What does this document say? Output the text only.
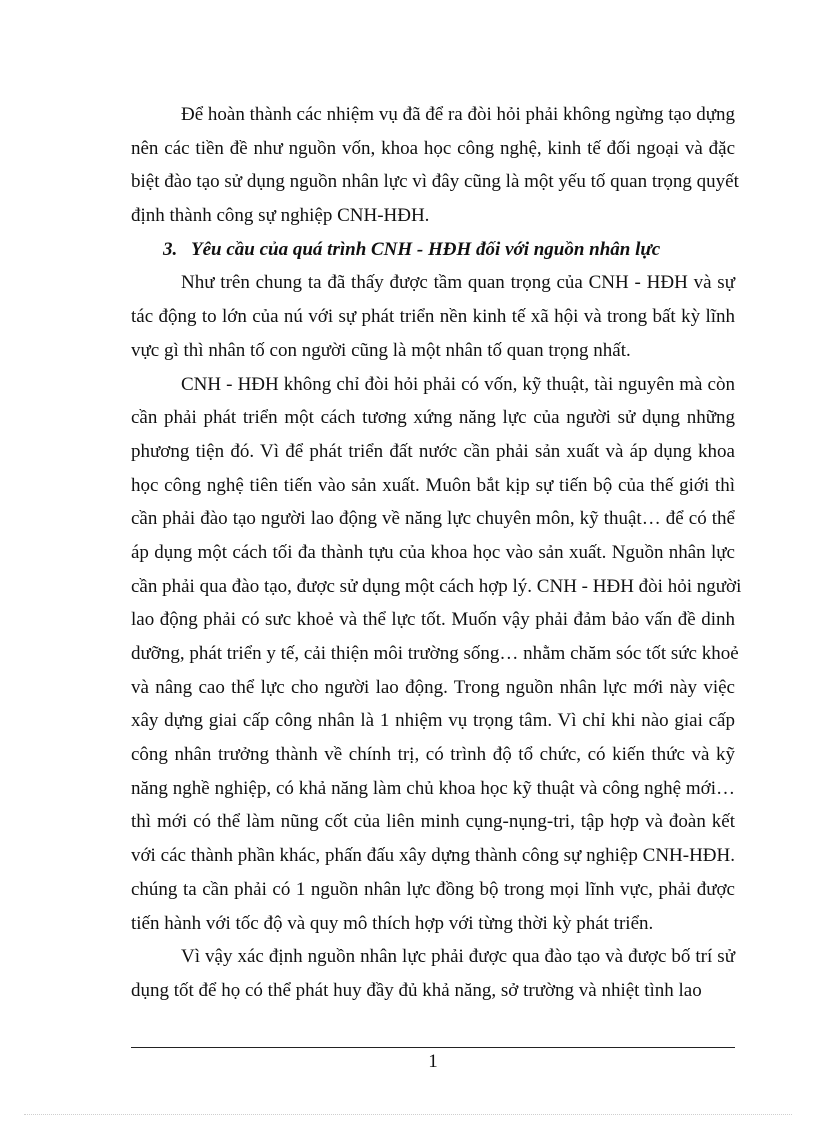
Để hoàn thành các nhiệm vụ đã để ra đòi hỏi phải không ngừng tạo dựng
nên các tiền đề như nguồn vốn, khoa học công nghệ, kinh tế đối ngoại và đặc
biệt đào tạo sử dụng nguồn nhân lực vì đây cũng là một yếu tố quan trọng quyết
định thành công sự nghiệp CNH-HĐH.
3. Yêu cầu của quá trình CNH - HĐH đối với nguồn nhân lực
Như trên chung ta đã thấy được tầm quan trọng của CNH - HĐH và sự
tác động to lớn của nú với sự phát triển nền kinh tế xã hội và trong bất kỳ lĩnh
vực gì thì nhân tố con người cũng là một nhân tố quan trọng nhất.
CNH - HĐH không chỉ đòi hỏi phải có vốn, kỹ thuật, tài nguyên mà còn
cần phải phát triển một cách tương xứng năng lực của người sử dụng những
phương tiện đó. Vì để phát triển đất nước cần phải sản xuất và áp dụng khoa
học công nghệ tiên tiến vào sản xuất. Muôn bắt kịp sự tiến bộ của thế giới thì
cần phải đào tạo người lao động về năng lực chuyên môn, kỹ thuật… để có thể
áp dụng một cách tối đa thành tựu của khoa học vào sản xuất. Nguồn nhân lực
cần phải qua đào tạo, được sử dụng một cách hợp lý. CNH - HĐH đòi hỏi người
lao động phải có sưc khoẻ và thể lực tốt. Muốn vậy phải đảm bảo vấn đề dinh
dưỡng, phát triển y tế, cải thiện môi trường sống… nhằm chăm sóc tốt sức khoẻ
và nâng cao thể lực cho người lao động. Trong nguồn nhân lực mới này việc
xây dựng giai cấp công nhân là 1 nhiệm vụ trọng tâm. Vì chỉ khi nào giai cấp
công nhân trưởng thành về chính trị, có trình độ tổ chức, có kiến thức và kỹ
năng nghề nghiệp, có khả năng làm chủ khoa học kỹ thuật và công nghệ mới…
thì mới có thể làm nũng cốt của liên minh cụng-nụng-tri, tập hợp và đoàn kết
với các thành phần khác, phấn đấu xây dựng thành công sự nghiệp CNH-HĐH.
chúng ta cần phải có 1 nguồn nhân lực đồng bộ trong mọi lĩnh vực, phải được
tiến hành với tốc độ và quy mô thích hợp với từng thời kỳ phát triển.
Vì vậy xác định nguồn nhân lực phải được qua đào tạo và được bố trí sử
dụng tốt để họ có thể phát huy đầy đủ khả năng, sở trường và nhiệt tình lao
1
